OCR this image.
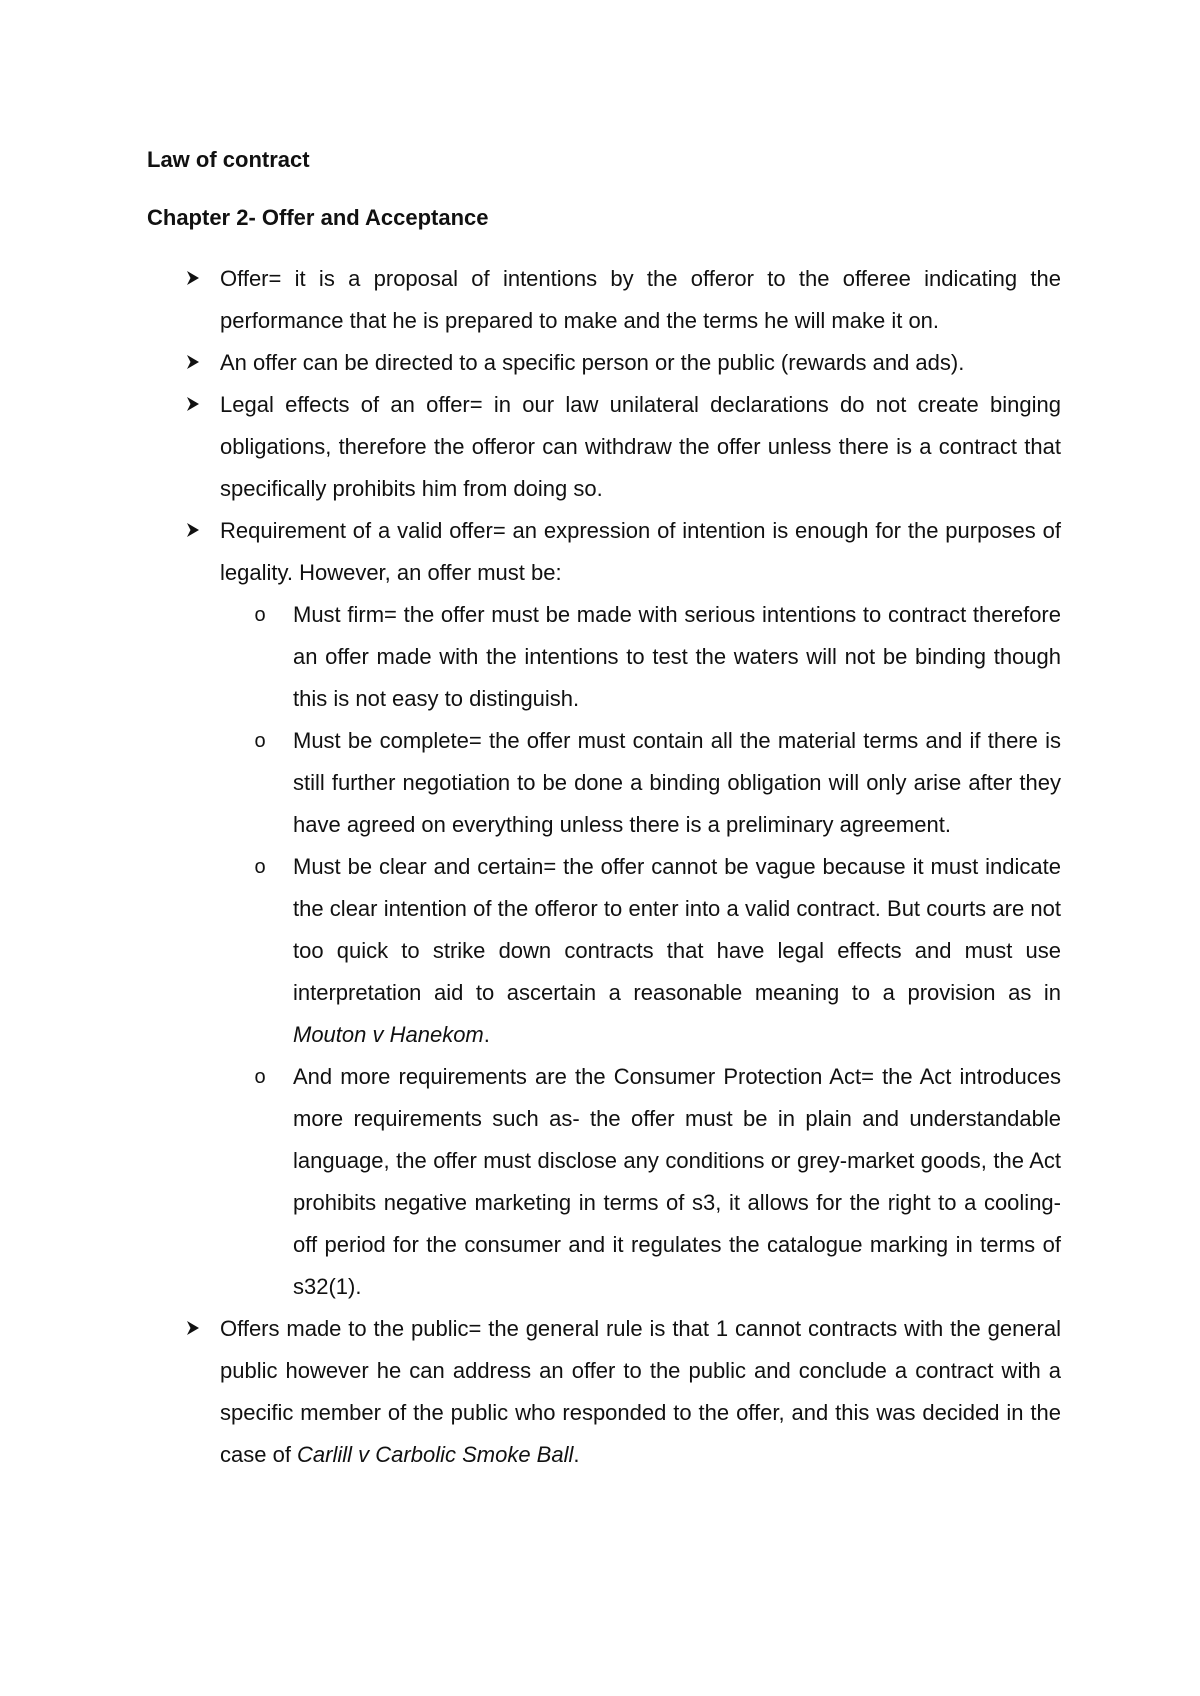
Law of contract
Chapter 2- Offer and Acceptance
Offer= it is a proposal of intentions by the offeror to the offeree indicating the performance that he is prepared to make and the terms he will make it on.
An offer can be directed to a specific person or the public (rewards and ads).
Legal effects of an offer= in our law unilateral declarations do not create binging obligations, therefore the offeror can withdraw the offer unless there is a contract that specifically prohibits him from doing so.
Requirement of a valid offer= an expression of intention is enough for the purposes of legality. However, an offer must be:
o Must firm= the offer must be made with serious intentions to contract therefore an offer made with the intentions to test the waters will not be binding though this is not easy to distinguish.
o Must be complete= the offer must contain all the material terms and if there is still further negotiation to be done a binding obligation will only arise after they have agreed on everything unless there is a preliminary agreement.
o Must be clear and certain= the offer cannot be vague because it must indicate the clear intention of the offeror to enter into a valid contract. But courts are not too quick to strike down contracts that have legal effects and must use interpretation aid to ascertain a reasonable meaning to a provision as in Mouton v Hanekom.
o And more requirements are the Consumer Protection Act= the Act introduces more requirements such as- the offer must be in plain and understandable language, the offer must disclose any conditions or grey-market goods, the Act prohibits negative marketing in terms of s3, it allows for the right to a cooling-off period for the consumer and it regulates the catalogue marking in terms of s32(1).
Offers made to the public= the general rule is that 1 cannot contracts with the general public however he can address an offer to the public and conclude a contract with a specific member of the public who responded to the offer, and this was decided in the case of Carlill v Carbolic Smoke Ball.
